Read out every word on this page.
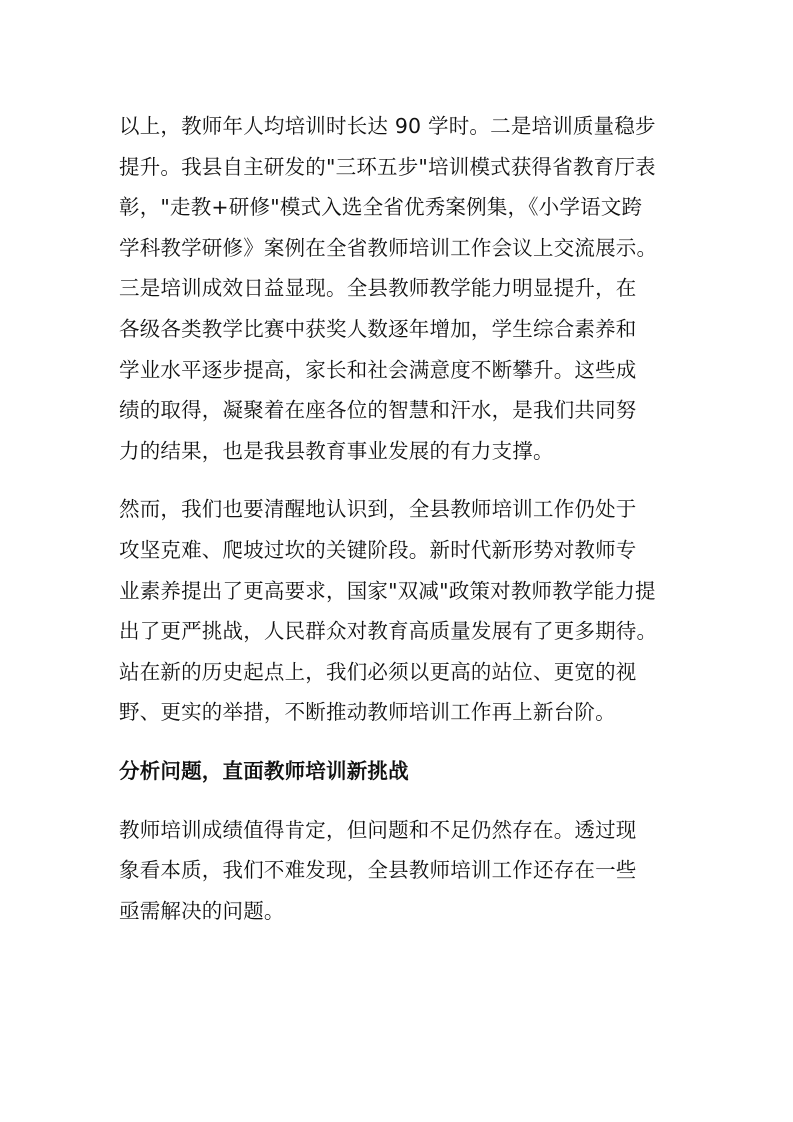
以上，教师年人均培训时长达 90 学时。二是培训质量稳步
提升。我县自主研发的"三环五步"培训模式获得省教育厅表
彰，"走教+研修"模式入选全省优秀案例集，《小学语文跨
学科教学研修》案例在全省教师培训工作会议上交流展示。
三是培训成效日益显现。全县教师教学能力明显提升，在
各级各类教学比赛中获奖人数逐年增加，学生综合素养和
学业水平逐步提高，家长和社会满意度不断攀升。这些成
绩的取得，凝聚着在座各位的智慧和汗水，是我们共同努
力的结果，也是我县教育事业发展的有力支撑。

然而，我们也要清醒地认识到，全县教师培训工作仍处于
攻坚克难、爬坡过坎的关键阶段。新时代新形势对教师专
业素养提出了更高要求，国家"双减"政策对教师教学能力提
出了更严挑战，人民群众对教育高质量发展有了更多期待。
站在新的历史起点上，我们必须以更高的站位、更宽的视
野、更实的举措，不断推动教师培训工作再上新台阶。

分析问题，直面教师培训新挑战

教师培训成绩值得肯定，但问题和不足仍然存在。透过现
象看本质，我们不难发现，全县教师培训工作还存在一些
亟需解决的问题。
